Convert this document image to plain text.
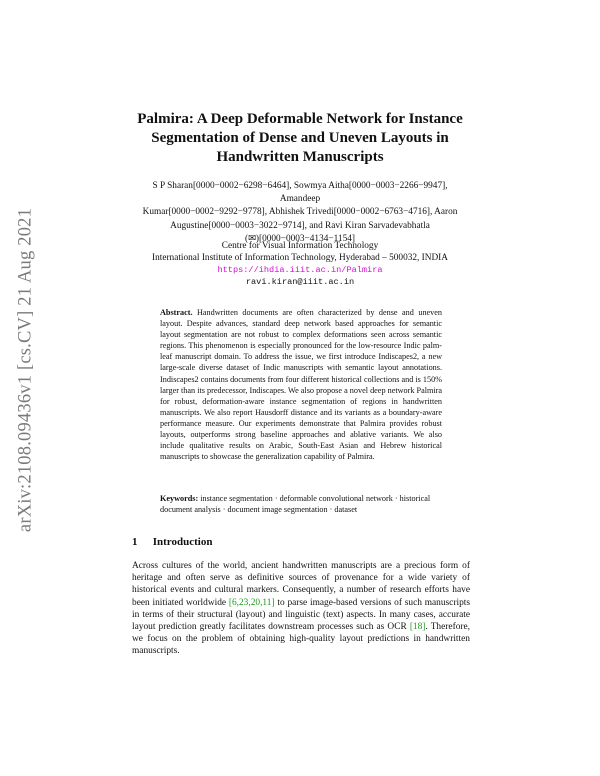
arXiv:2108.09436v1 [cs.CV] 21 Aug 2021
Palmira: A Deep Deformable Network for Instance Segmentation of Dense and Uneven Layouts in Handwritten Manuscripts
S P Sharan[0000−0002−6298−6464], Sowmya Aitha[0000−0003−2266−9947], Amandeep
Kumar[0000−0002−9292−9778], Abhishek Trivedi[0000−0002−6763−4716], Aaron
Augustine[0000−0003−3022−9714], and Ravi Kiran Sarvadevabhatla
(✉)[0000−0003−4134−1154]
Centre for Visual Information Technology
International Institute of Information Technology, Hyderabad – 500032, INDIA
https://ihdia.iiit.ac.in/Palmira
ravi.kiran@iiit.ac.in
Abstract. Handwritten documents are often characterized by dense and uneven layout. Despite advances, standard deep network based approaches for semantic layout segmentation are not robust to complex deformations seen across semantic regions. This phenomenon is especially pronounced for the low-resource Indic palm-leaf manuscript domain. To address the issue, we first introduce Indiscapes2, a new large-scale diverse dataset of Indic manuscripts with semantic layout annotations. Indiscapes2 contains documents from four different historical collections and is 150% larger than its predecessor, Indiscapes. We also propose a novel deep network Palmira for robust, deformation-aware instance segmentation of regions in handwritten manuscripts. We also report Hausdorff distance and its variants as a boundary-aware performance measure. Our experiments demonstrate that Palmira provides robust layouts, outperforms strong baseline approaches and ablative variants. We also include qualitative results on Arabic, South-East Asian and Hebrew historical manuscripts to showcase the generalization capability of Palmira.
Keywords: instance segmentation · deformable convolutional network · historical document analysis · document image segmentation · dataset
1 Introduction
Across cultures of the world, ancient handwritten manuscripts are a precious form of heritage and often serve as definitive sources of provenance for a wide variety of historical events and cultural markers. Consequently, a number of research efforts have been initiated worldwide [6,23,20,11] to parse image-based versions of such manuscripts in terms of their structural (layout) and linguistic (text) aspects. In many cases, accurate layout prediction greatly facilitates downstream processes such as OCR [18]. Therefore, we focus on the problem of obtaining high-quality layout predictions in handwritten manuscripts.
